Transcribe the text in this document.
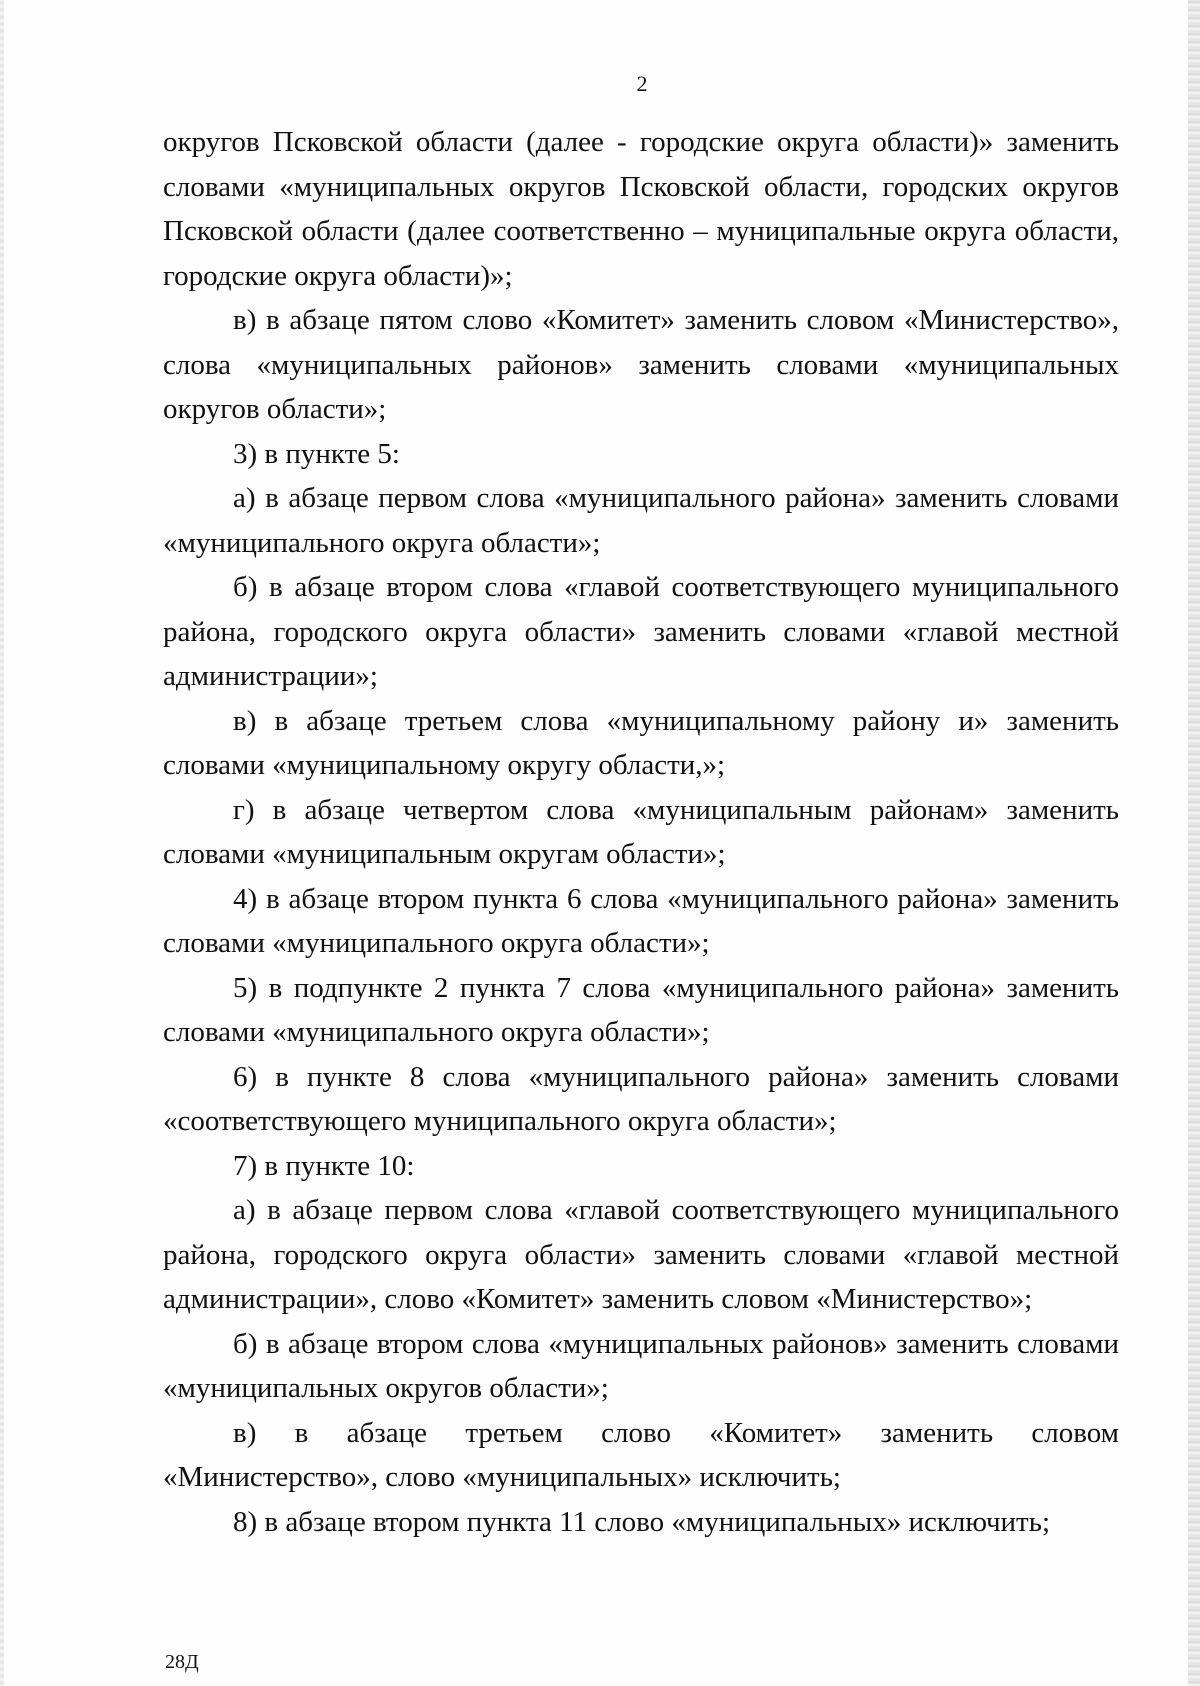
2

округов Псковской области (далее - городские округа области)» заменить словами «муниципальных округов Псковской области, городских округов Псковской области (далее соответственно – муниципальные округа области, городские округа области)»;

в) в абзаце пятом слово «Комитет» заменить словом «Министерство», слова «муниципальных районов» заменить словами «муниципальных округов области»;

3) в пункте 5:

а) в абзаце первом слова «муниципального района» заменить словами «муниципального округа области»;

б) в абзаце втором слова «главой соответствующего муниципального района, городского округа области» заменить словами «главой местной администрации»;

в) в абзаце третьем слова «муниципальному району и» заменить словами «муниципальному округу области,»;

г) в абзаце четвертом слова «муниципальным районам» заменить словами «муниципальным округам области»;

4) в абзаце втором пункта 6 слова «муниципального района» заменить словами «муниципального округа области»;

5) в подпункте 2 пункта 7 слова «муниципального района» заменить словами «муниципального округа области»;

6) в пункте 8 слова «муниципального района» заменить словами «соответствующего муниципального округа области»;

7) в пункте 10:

а) в абзаце первом слова «главой соответствующего муниципального района, городского округа области» заменить словами «главой местной администрации», слово «Комитет» заменить словом «Министерство»;

б) в абзаце втором слова «муниципальных районов» заменить словами «муниципальных округов области»;

в) в абзаце третьем слово «Комитет» заменить словом «Министерство», слово «муниципальных» исключить;

8) в абзаце втором пункта 11 слово «муниципальных» исключить;

28Д
